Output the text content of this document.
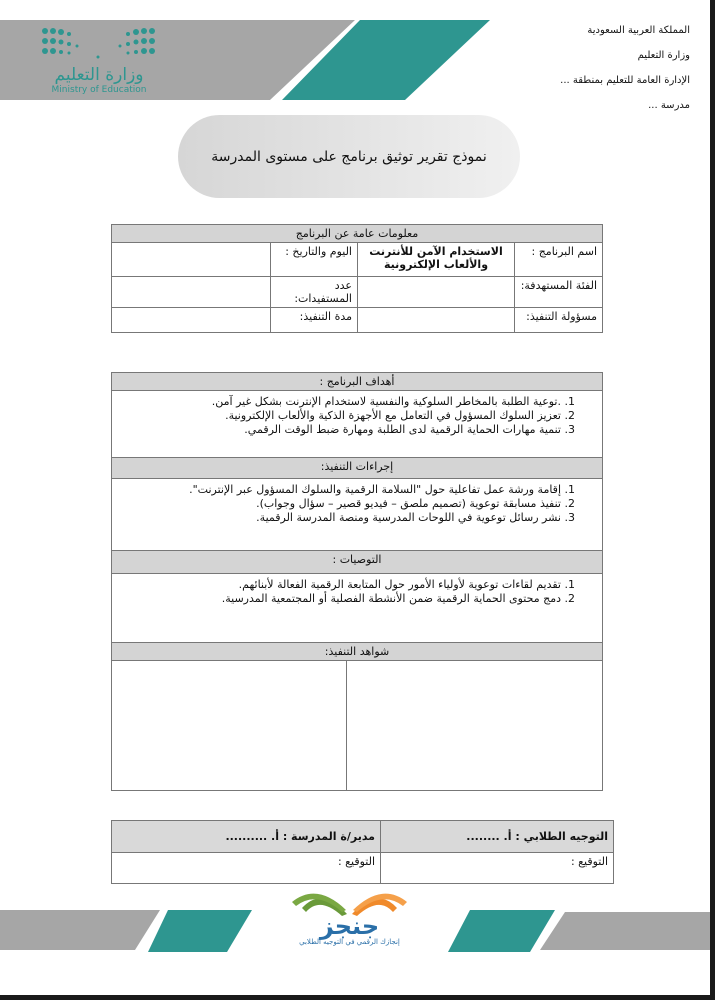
وزارة التعليم
Ministry of Education
المملكة العربية السعودية
وزارة التعليم
الإدارة العامة للتعليم بمنطقة ...
مدرسة ...
نموذج تقرير توثيق برنامج على مستوى المدرسة
معلومات عامة عن البرنامج			
اسم البرنامج :	الاستخدام الآمن للأنترنت والألعاب الإلكترونية	اليوم والتاريخ :	
الفئة المستهدفة:		عدد المستفيدات:	
مسؤولة التنفيذ:		مدة التنفيذ:	
أهداف البرنامج :

1. .توعية الطلبة بالمخاطر السلوكية والنفسية لاستخدام الإنترنت بشكل غير آمن.
2. تعزيز السلوك المسؤول في التعامل مع الأجهزة الذكية والألعاب الإلكترونية.
3. تنمية مهارات الحماية الرقمية لدى الطلبة ومهارة ضبط الوقت الرقمي.

إجراءات التنفيذ:

1. إقامة ورشة عمل تفاعلية حول "السلامة الرقمية والسلوك المسؤول عبر الإنترنت".
2. تنفيذ مسابقة توعوية (تصميم ملصق – فيديو قصير – سؤال وجواب).
3. نشر رسائل توعوية في اللوحات المدرسية ومنصة المدرسة الرقمية.

التوصيات :

1. تقديم لقاءات توعوية لأولياء الأمور حول المتابعة الرقمية الفعالة لأبنائهم.
2. دمج محتوى الحماية الرقمية ضمن الأنشطة الفصلية أو المجتمعية المدرسية.

شواهد التنفيذ:

التوجيه الطلابي : أ. ........	مدير/ة المدرسة : أ. ..........
التوقيع :	التوقيع :
جنجز
إنجازك الرقمي في التوجيه الطلابي
